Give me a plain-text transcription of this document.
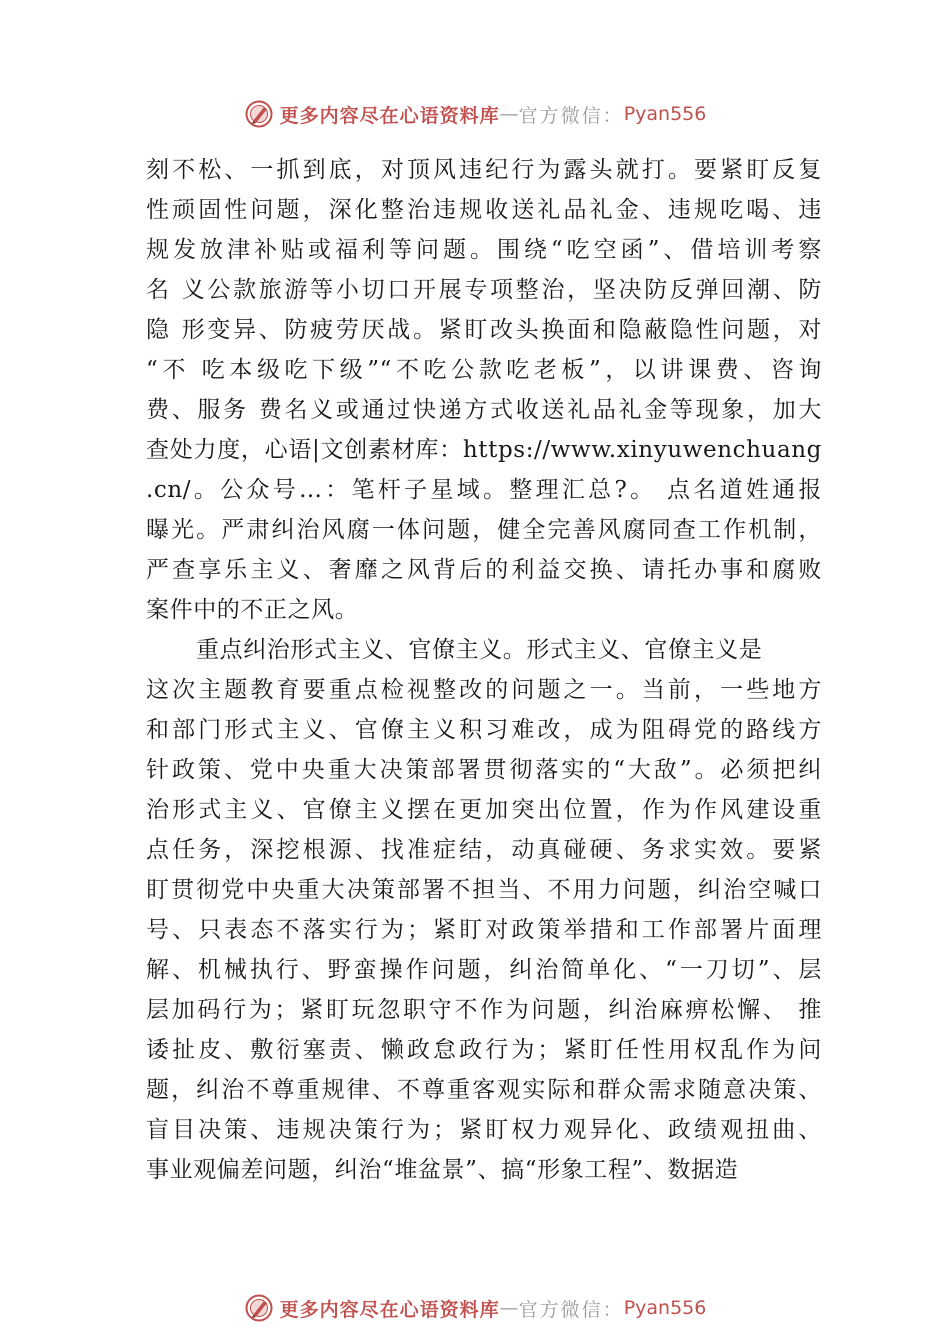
更多内容尽在心语资料库 — 官方微信： Pyan556
刻不松、一抓到底，对顶风违纪行为露头就打。要紧盯反复
性顽固性问题，深化整治违规收送礼品礼金、违规吃喝、违
规发放津补贴或福利等问题。围绕“吃空函”、借培训考察
名 义公款旅游等小切口开展专项整治，坚决防反弹回潮、防
隐 形变异、防疲劳厌战。紧盯改头换面和隐蔽隐性问题，对
“不 吃本级吃下级”“不吃公款吃老板”，以讲课费、咨询
费、服务 费名义或通过快递方式收送礼品礼金等现象，加大
查处力度，心语|文创素材库：https://www.xinyuwenchuang
.cn/。公众号…：笔杆子星域。整理汇总?。 点名道姓通报
曝光。严肃纠治风腐一体问题，健全完善风腐同查工作机制，
严查享乐主义、奢靡之风背后的利益交换、请托办事和腐败
案件中的不正之风。
重点纠治形式主义、官僚主义。形式主义、官僚主义是
这次主题教育要重点检视整改的问题之一。当前，一些地方
和部门形式主义、官僚主义积习难改，成为阻碍党的路线方
针政策、党中央重大决策部署贯彻落实的“大敌”。必须把纠
治形式主义、官僚主义摆在更加突出位置，作为作风建设重
点任务，深挖根源、找准症结，动真碰硬、务求实效。要紧
盯贯彻党中央重大决策部署不担当、不用力问题，纠治空喊口
号、只表态不落实行为；紧盯对政策举措和工作部署片面理
解、机械执行、野蛮操作问题，纠治简单化、“一刀切”、层
层加码行为；紧盯玩忽职守不作为问题，纠治麻痹松懈、 推
诿扯皮、敷衍塞责、懒政怠政行为；紧盯任性用权乱作为问
题，纠治不尊重规律、不尊重客观实际和群众需求随意决策、
盲目决策、违规决策行为；紧盯权力观异化、政绩观扭曲、
事业观偏差问题，纠治“堆盆景”、搞“形象工程”、数据造
更多内容尽在心语资料库 — 官方微信： Pyan556
